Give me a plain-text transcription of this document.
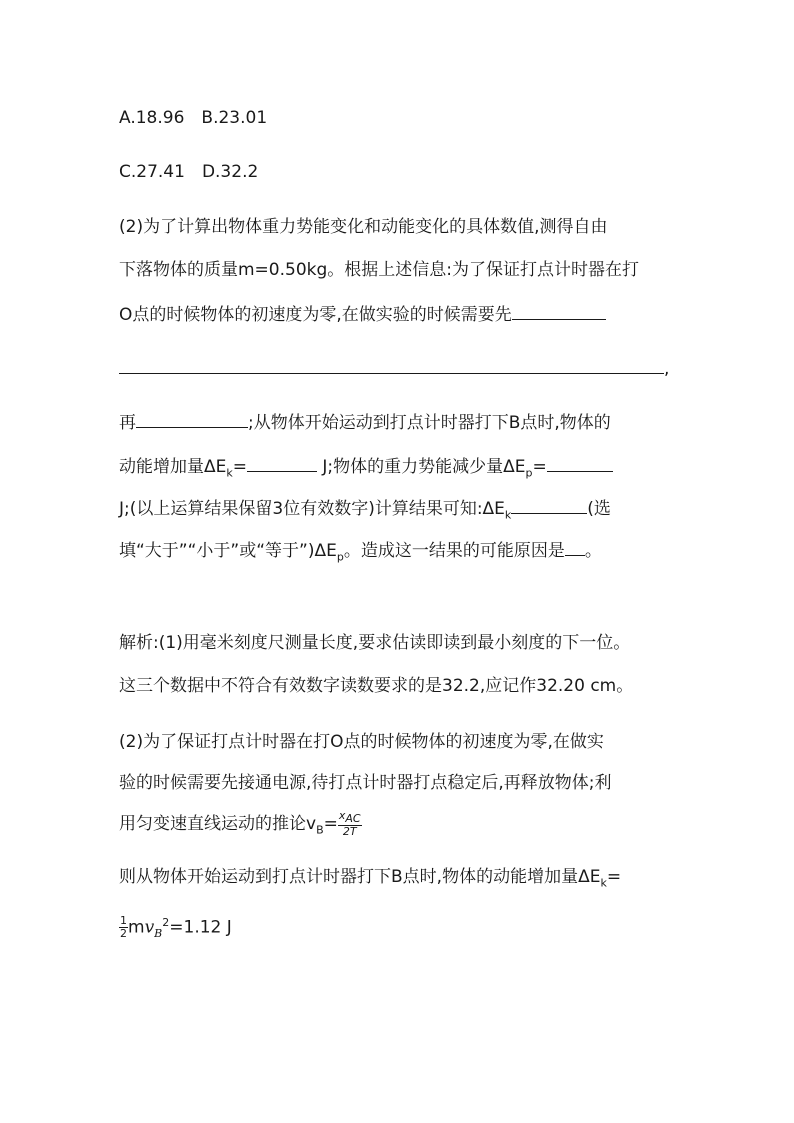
A.18.96　B.23.01
C.27.41　D.32.2
(2)为了计算出物体重力势能变化和动能变化的具体数值,测得自由
下落物体的质量m=0.50kg。根据上述信息:为了保证打点计时器在打
O点的时候物体的初速度为零,在做实验的时候需要先
,
再	;从物体开始运动到打点计时器打下B点时,物体的
动能增加量$\Delta E_k=$	J;物体的重力势能减少量$\Delta E_p=$
J;(以上运算结果保留3位有效数字)计算结果可知$:\Delta E_k$	(选
填“大于”“小于”或“等于$”)\Delta E_p$。造成这一结果的可能原因是 。
解析:(1)用毫米刻度尺测量长度,要求估读即读到最小刻度的下一位。
这三个数据中不符合有效数字读数要求的是32.2,应记作32.20 cm。
(2)为了保证打点计时器在打O点的时候物体的初速度为零,在做实
验的时候需要先接通电源,待打点计时器打点稳定后,再释放物体;利
用匀变速直线运动的推论$v_B= \frac{x_{AC}}{2T}$
则从物体开始运动到打点计时器打下B点时,物体的动能增加量$\Delta E_k=$
$\frac{1}{2} mv_B^2=1.12$ J
